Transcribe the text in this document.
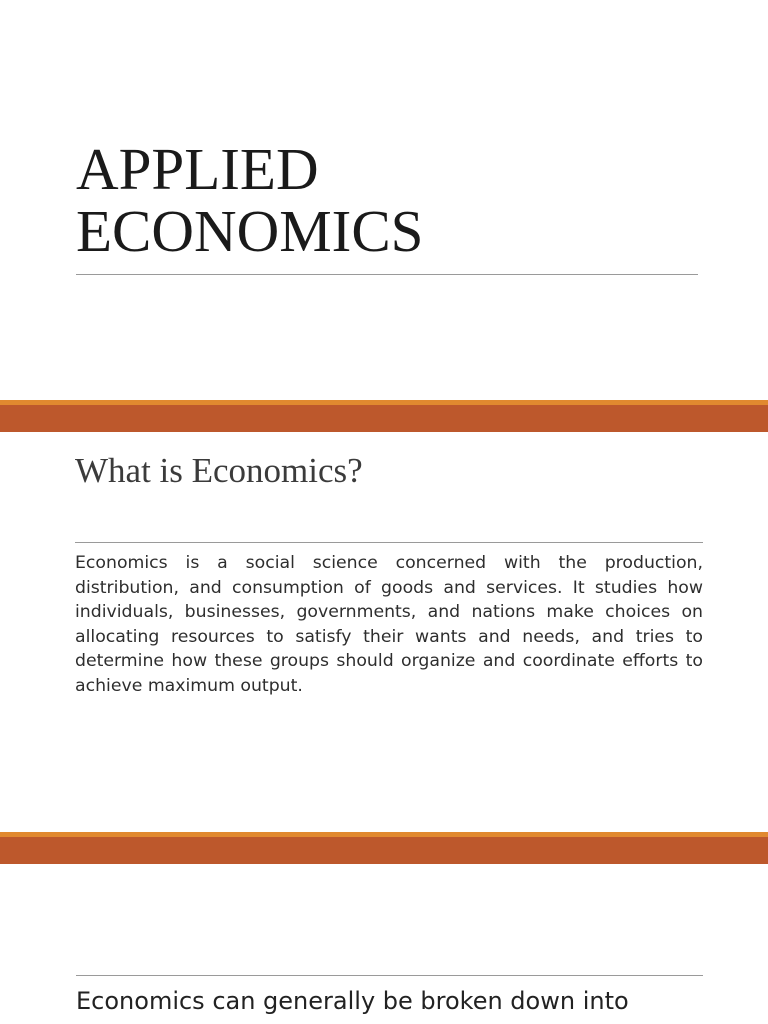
APPLIED
ECONOMICS
What is Economics?

Economics is a social science concerned with the production, distribution, and consumption of goods and services. It studies how individuals, businesses, governments, and nations make choices on allocating resources to satisfy their wants and needs, and tries to determine how these groups should organize and coordinate efforts to achieve maximum output.

Economics can generally be broken down into
